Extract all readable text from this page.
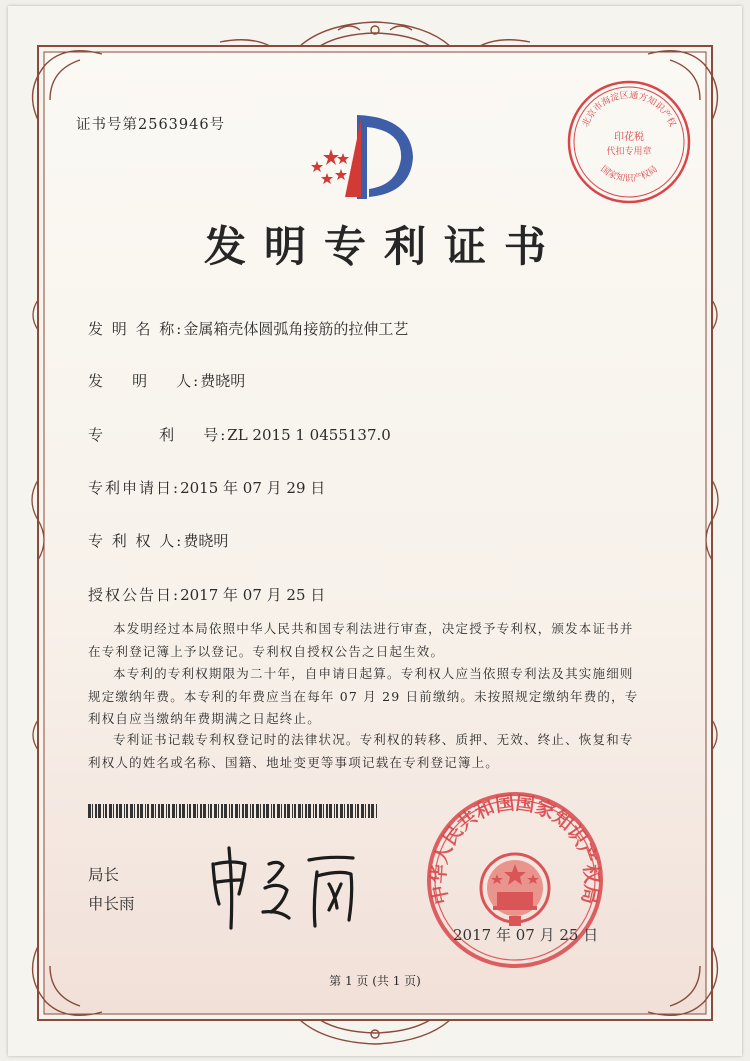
证书号第2563946号	北京市海淀区通方知识产权
国家知识产权局
印花税
代扣专用章
发明专利证书
发 明 名 称:金属箱壳体圆弧角接筋的拉伸工艺
发    明    人:费晓明
专        利    号:ZL 2015 1 0455137.0
专利申请日:2015 年 07 月 29 日
专 利 权 人:费晓明
授权公告日:2017 年 07 月 25 日

本发明经过本局依照中华人民共和国专利法进行审查，决定授予专利权，颁发本证书并在专利登记簿上予以登记。专利权自授权公告之日起生效。

本专利的专利权期限为二十年，自申请日起算。专利权人应当依照专利法及其实施细则规定缴纳年费。本专利的年费应当在每年 07 月 29 日前缴纳。未按照规定缴纳年费的，专利权自应当缴纳年费期满之日起终止。

专利证书记载专利权登记时的法律状况。专利权的转移、质押、无效、终止、恢复和专利权人的姓名或名称、国籍、地址变更等事项记载在专利登记簿上。

局长
申长雨	中华人民共和国国家知识产权局
2017 年 07 月 25 日
第 1 页 (共 1 页)
